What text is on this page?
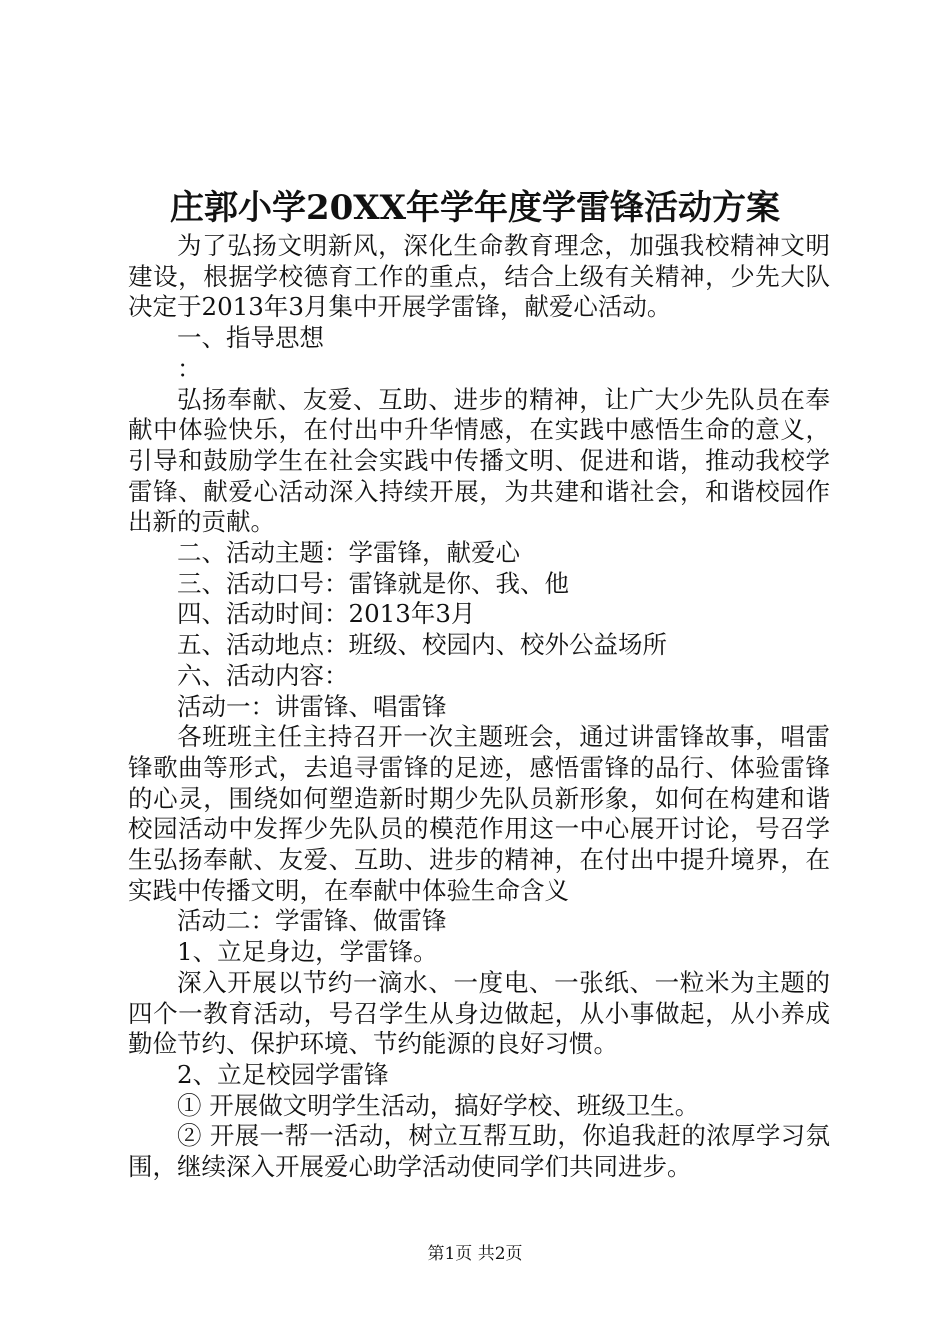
庄郭小学20XX年学年度学雷锋活动方案

为了弘扬文明新风，深化生命教育理念，加强我校精神文明建设，根据学校德育工作的重点，结合上级有关精神，少先大队决定于2013年3月集中开展学雷锋，献爱心活动。

一、指导思想

：

弘扬奉献、友爱、互助、进步的精神，让广大少先队员在奉献中体验快乐，在付出中升华情感，在实践中感悟生命的意义，引导和鼓励学生在社会实践中传播文明、促进和谐，推动我校学雷锋、献爱心活动深入持续开展，为共建和谐社会，和谐校园作出新的贡献。

二、活动主题：学雷锋，献爱心

三、活动口号：雷锋就是你、我、他

四、活动时间：2013年3月

五、活动地点：班级、校园内、校外公益场所

六、活动内容：

活动一：讲雷锋、唱雷锋

各班班主任主持召开一次主题班会，通过讲雷锋故事，唱雷锋歌曲等形式，去追寻雷锋的足迹，感悟雷锋的品行、体验雷锋的心灵，围绕如何塑造新时期少先队员新形象，如何在构建和谐校园活动中发挥少先队员的模范作用这一中心展开讨论，号召学生弘扬奉献、友爱、互助、进步的精神，在付出中提升境界，在实践中传播文明，在奉献中体验生命含义

活动二：学雷锋、做雷锋

1、立足身边，学雷锋。

深入开展以节约一滴水、一度电、一张纸、一粒米为主题的四个一教育活动，号召学生从身边做起，从小事做起，从小养成勤俭节约、保护环境、节约能源的良好习惯。

2、立足校园学雷锋

① 开展做文明学生活动，搞好学校、班级卫生。

② 开展一帮一活动，树立互帮互助，你追我赶的浓厚学习氛围，继续深入开展爱心助学活动使同学们共同进步。

第1页 共2页
